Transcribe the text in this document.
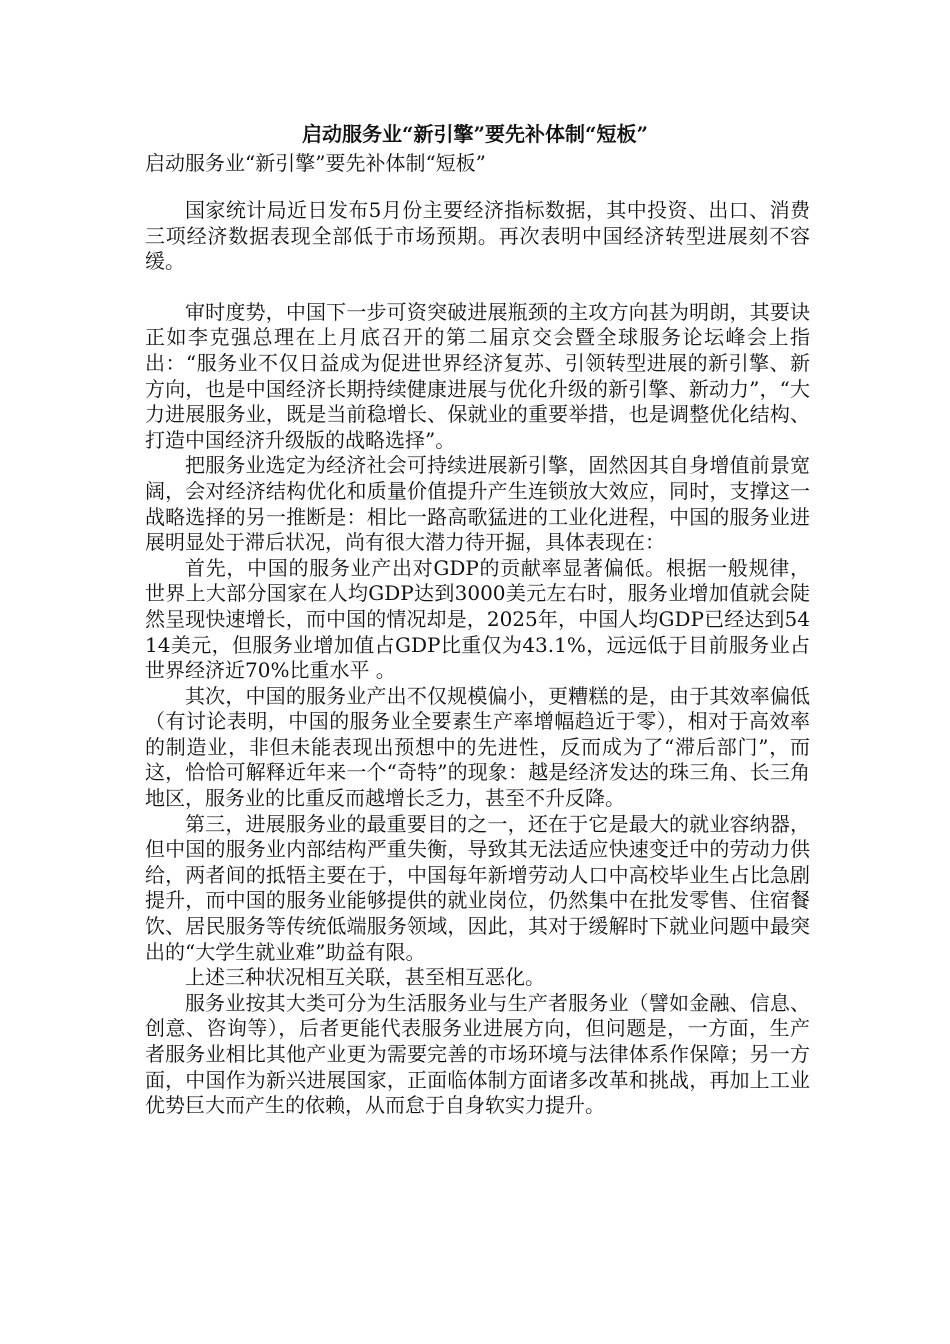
启动服务业“新引擎”要先补体制“短板”

启动服务业“新引擎”要先补体制“短板”

国家统计局近日发布5月份主要经济指标数据，其中投资、出口、消费三项经济数据表现全部低于市场预期。再次表明中国经济转型进展刻不容缓。

审时度势，中国下一步可资突破进展瓶颈的主攻方向甚为明朗，其要诀正如李克强总理在上月底召开的第二届京交会暨全球服务论坛峰会上指出：“服务业不仅日益成为促进世界经济复苏、引领转型进展的新引擎、新方向，也是中国经济长期持续健康进展与优化升级的新引擎、新动力”，“大力进展服务业，既是当前稳增长、保就业的重要举措，也是调整优化结构、打造中国经济升级版的战略选择”。

把服务业选定为经济社会可持续进展新引擎，固然因其自身增值前景宽阔，会对经济结构优化和质量价值提升产生连锁放大效应，同时，支撑这一战略选择的另一推断是：相比一路高歌猛进的工业化进程，中国的服务业进展明显处于滞后状况，尚有很大潜力待开掘，具体表现在：

首先，中国的服务业产出对GDP的贡献率显著偏低。根据一般规律，世界上大部分国家在人均GDP达到3000美元左右时，服务业增加值就会陡然呈现快速增长，而中国的情况却是，2025年，中国人均GDP已经达到5414美元，但服务业增加值占GDP比重仅为43.1%，远远低于目前服务业占世界经济近70%比重水平 。

其次，中国的服务业产出不仅规模偏小，更糟糕的是，由于其效率偏低（有讨论表明，中国的服务业全要素生产率增幅趋近于零），相对于高效率的制造业，非但未能表现出预想中的先进性，反而成为了“滞后部门”，而这，恰恰可解释近年来一个“奇特”的现象：越是经济发达的珠三角、长三角地区，服务业的比重反而越增长乏力，甚至不升反降。

第三，进展服务业的最重要目的之一，还在于它是最大的就业容纳器，但中国的服务业内部结构严重失衡，导致其无法适应快速变迁中的劳动力供给，两者间的抵牾主要在于，中国每年新增劳动人口中高校毕业生占比急剧提升，而中国的服务业能够提供的就业岗位，仍然集中在批发零售、住宿餐饮、居民服务等传统低端服务领域，因此，其对于缓解时下就业问题中最突出的“大学生就业难”助益有限。

上述三种状况相互关联，甚至相互恶化。

服务业按其大类可分为生活服务业与生产者服务业（譬如金融、信息、创意、咨询等），后者更能代表服务业进展方向，但问题是，一方面，生产者服务业相比其他产业更为需要完善的市场环境与法律体系作保障；另一方面，中国作为新兴进展国家，正面临体制方面诸多改革和挑战，再加上工业优势巨大而产生的依赖，从而怠于自身软实力提升。
